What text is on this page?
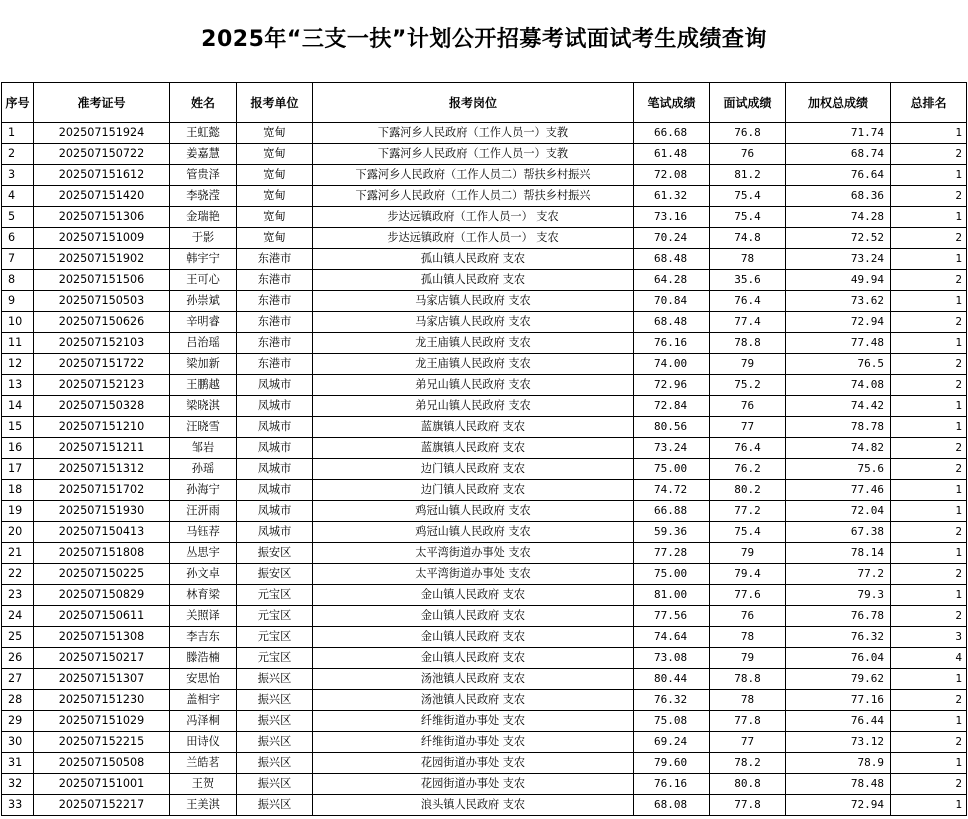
2025年“三支一扶”计划公开招募考试面试考生成绩查询
序号	准考证号	姓名	报考单位	报考岗位	笔试成绩	面试成绩	加权总成绩	总排名
1	202507151924	王虹懿	宽甸	下露河乡人民政府（工作人员一）支教	66.68	76.8	71.74	1
2	202507150722	姜嘉慧	宽甸	下露河乡人民政府（工作人员一）支教	61.48	76	68.74	2
3	202507151612	管贵泽	宽甸	下露河乡人民政府（工作人员二）帮扶乡村振兴	72.08	81.2	76.64	1
4	202507151420	李骁滢	宽甸	下露河乡人民政府（工作人员二）帮扶乡村振兴	61.32	75.4	68.36	2
5	202507151306	金瑞艳	宽甸	步达远镇政府（工作人员一） 支农	73.16	75.4	74.28	1
6	202507151009	于影	宽甸	步达远镇政府（工作人员一） 支农	70.24	74.8	72.52	2
7	202507151902	韩宇宁	东港市	孤山镇人民政府 支农	68.48	78	73.24	1
8	202507151506	王可心	东港市	孤山镇人民政府 支农	64.28	35.6	49.94	2
9	202507150503	孙崇斌	东港市	马家店镇人民政府 支农	70.84	76.4	73.62	1
10	202507150626	辛明睿	东港市	马家店镇人民政府 支农	68.48	77.4	72.94	2
11	202507152103	吕治瑶	东港市	龙王庙镇人民政府 支农	76.16	78.8	77.48	1
12	202507151722	梁加新	东港市	龙王庙镇人民政府 支农	74.00	79	76.5	2
13	202507152123	王鹏越	凤城市	弟兄山镇人民政府 支农	72.96	75.2	74.08	2
14	202507150328	梁晓淇	凤城市	弟兄山镇人民政府 支农	72.84	76	74.42	1
15	202507151210	汪晓雪	凤城市	蓝旗镇人民政府 支农	80.56	77	78.78	1
16	202507151211	邹岩	凤城市	蓝旗镇人民政府 支农	73.24	76.4	74.82	2
17	202507151312	孙瑶	凤城市	边门镇人民政府 支农	75.00	76.2	75.6	2
18	202507151702	孙海宁	凤城市	边门镇人民政府 支农	74.72	80.2	77.46	1
19	202507151930	汪汧雨	凤城市	鸡冠山镇人民政府 支农	66.88	77.2	72.04	1
20	202507150413	马钰荐	凤城市	鸡冠山镇人民政府 支农	59.36	75.4	67.38	2
21	202507151808	丛思宇	振安区	太平湾街道办事处 支农	77.28	79	78.14	1
22	202507150225	孙文卓	振安区	太平湾街道办事处 支农	75.00	79.4	77.2	2
23	202507150829	林育梁	元宝区	金山镇人民政府 支农	81.00	77.6	79.3	1
24	202507150611	关照译	元宝区	金山镇人民政府 支农	77.56	76	76.78	2
25	202507151308	李吉东	元宝区	金山镇人民政府 支农	74.64	78	76.32	3
26	202507150217	滕浩楠	元宝区	金山镇人民政府 支农	73.08	79	76.04	4
27	202507151307	安思怡	振兴区	汤池镇人民政府 支农	80.44	78.8	79.62	1
28	202507151230	盖相宇	振兴区	汤池镇人民政府 支农	76.32	78	77.16	2
29	202507151029	冯泽桐	振兴区	纤维街道办事处 支农	75.08	77.8	76.44	1
30	202507152215	田诗仪	振兴区	纤维街道办事处 支农	69.24	77	73.12	2
31	202507150508	兰皓茗	振兴区	花园街道办事处 支农	79.60	78.2	78.9	1
32	202507151001	王贺	振兴区	花园街道办事处 支农	76.16	80.8	78.48	2
33	202507152217	王美淇	振兴区	浪头镇人民政府 支农	68.08	77.8	72.94	1
